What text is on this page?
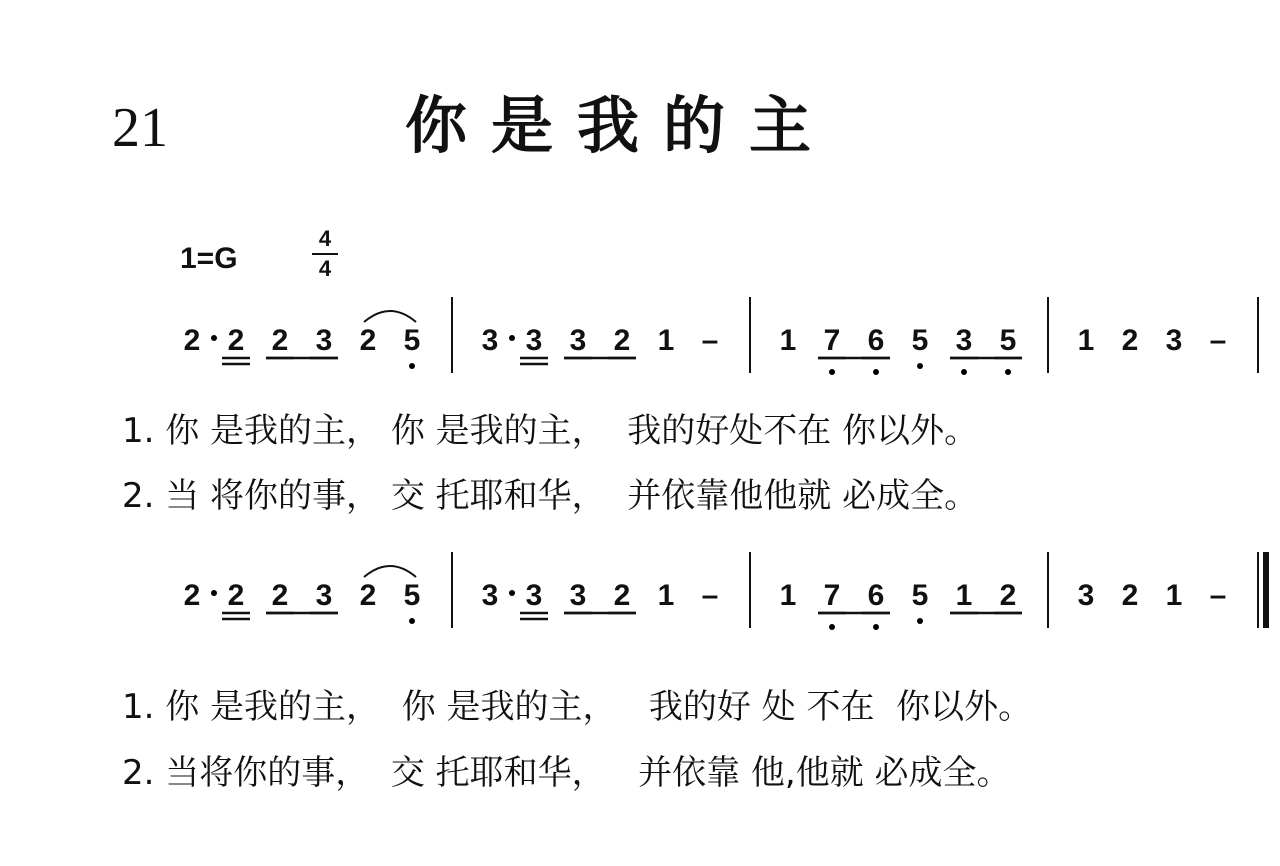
21	你是我的主
1=G
4
4
2 2 2 3 2 5 3 3 3 2 1 – 1 7 6 5 3 5 1 2 3 –
1. 你 是我的主， 你 是我的主，  我的好处不在 你以外。
2. 当 将你的事， 交 托耶和华，  并依靠他他就 必成全。
2 2 2 3 2 5 3 3 3 2 1 – 1 7 6 5 1 2 3 2 1 –
1. 你 是我的主，  你 是我的主，   我的好 处 不在  你以外。
2. 当将你的事，  交 托耶和华，   并依靠 他,他就 必成全。
